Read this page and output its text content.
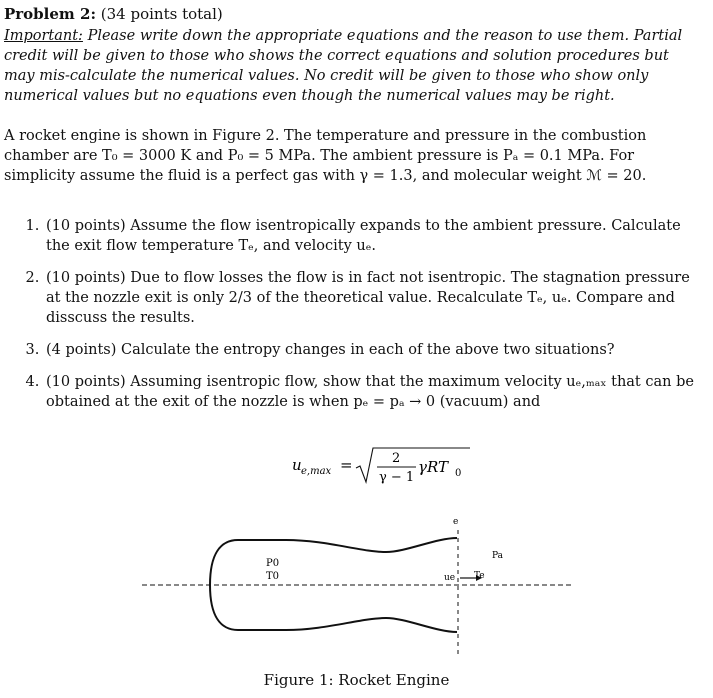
Problem 2: (34 points total)
Important: Please write down the appropriate equations and the reason to use them. Partial credit will be given to those who shows the correct equations and solution procedures but may mis-calculate the numerical values. No credit will be given to those who show only numerical values but no equations even though the numerical values may be right.
A rocket engine is shown in Figure 2. The temperature and pressure in the combustion chamber are T₀ = 3000 K and P₀ = 5 MPa. The ambient pressure is Pₐ = 0.1 MPa. For simplicity assume the fluid is a perfect gas with γ = 1.3, and molecular weight ℳ = 20.
1. (10 points) Assume the flow isentropically expands to the ambient pressure. Calculate the exit flow temperature Tₑ, and velocity uₑ.
2. (10 points) Due to flow losses the flow is in fact not isentropic. The stagnation pressure at the nozzle exit is only 2/3 of the theoretical value. Recalculate Tₑ, uₑ. Compare and disscuss the results.
3. (4 points) Calculate the entropy changes in each of the above two situations?
4. (10 points) Assuming isentropic flow, show that the maximum velocity uₑ,ₘₐₓ that can be obtained at the exit of the nozzle is when pₑ = pₐ → 0 (vacuum) and
u e,max =	2
γ − 1
γRT 0
P0
T0	ue Te
e
Pa
Figure 1: Rocket Engine
